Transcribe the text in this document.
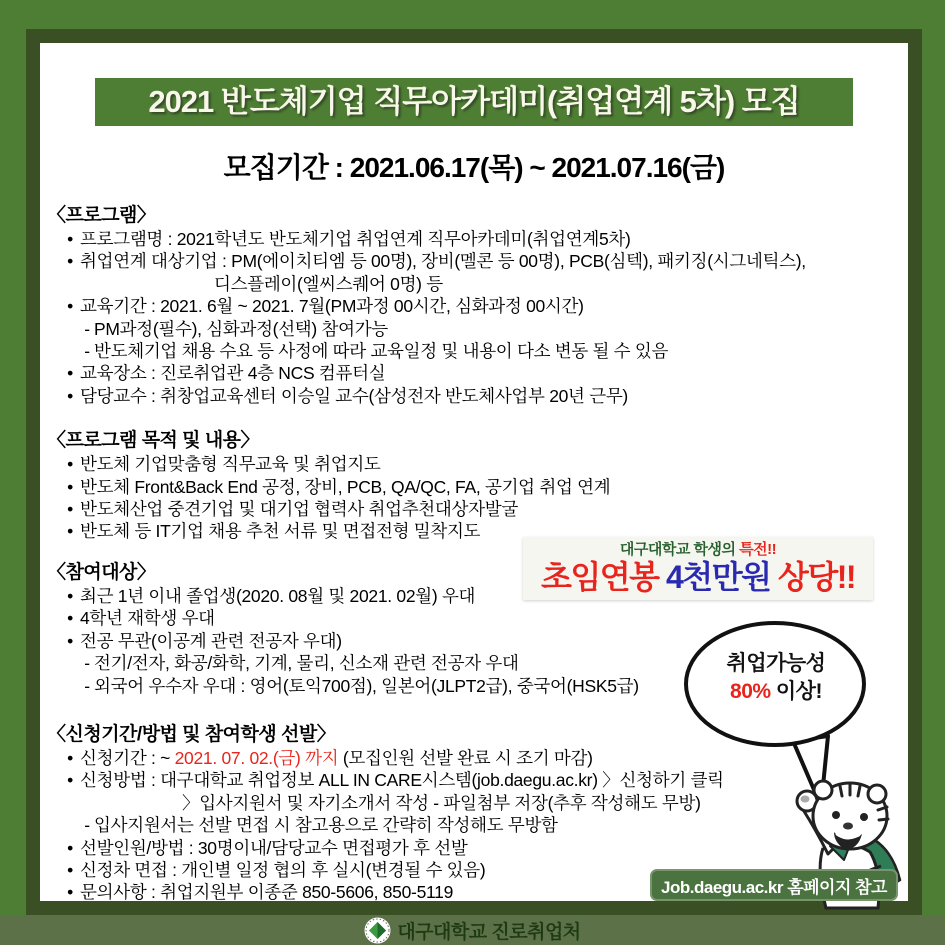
2021 반도체기업 직무아카데미(취업연계 5차) 모집
모집기간 : 2021.06.17(목) ~ 2021.07.16(금)
〈프로그램〉
• 프로그램명 : 2021학년도 반도체기업 취업연계 직무아카데미(취업연계5차)
• 취업연계 대상기업 : PM(에이치티엠 등 00명), 장비(멜콘 등 00명), PCB(심텍), 패키징(시그네틱스),
디스플레이(엘씨스퀘어 0명) 등
• 교육기간 : 2021. 6월 ~ 2021. 7월(PM과정 00시간, 심화과정 00시간)
- PM과정(필수), 심화과정(선택) 참여가능
- 반도체기업 채용 수요 등 사정에 따라 교육일정 및 내용이 다소 변동 될 수 있음
• 교육장소 : 진로취업관 4층 NCS 컴퓨터실
• 담당교수 : 취창업교육센터 이승일 교수(삼성전자 반도체사업부 20년 근무)
〈프로그램 목적 및 내용〉
• 반도체 기업맞춤형 직무교육 및 취업지도
• 반도체 Front&Back End 공정, 장비, PCB, QA/QC, FA, 공기업 취업 연계
• 반도체산업 중견기업 및 대기업 협력사 취업추천대상자발굴
• 반도체 등 IT기업 채용 추천 서류 및 면접전형 밀착지도
〈참여대상〉
• 최근 1년 이내 졸업생(2020. 08월 및 2021. 02월) 우대
• 4학년 재학생 우대
• 전공 무관(이공계 관련 전공자 우대)
- 전기/전자, 화공/화학, 기계, 물리, 신소재 관련 전공자 우대
- 외국어 우수자 우대 : 영어(토익700점), 일본어(JLPT2급), 중국어(HSK5급)
〈신청기간/방법 및 참여학생 선발〉
• 신청기간 : ~ 2021. 07. 02.(금) 까지 (모집인원 선발 완료 시 조기 마감)
• 신청방법 : 대구대학교 취업정보 ALL IN CARE시스템(job.daegu.ac.kr) 〉신청하기 클릭
〉입사지원서 및 자기소개서 작성 - 파일첨부 저장(추후 작성해도 무방)
- 입사지원서는 선발 면접 시 참고용으로 간략히 작성해도 무방함
• 선발인원/방법 : 30명이내/담당교수 면접평가 후 선발
• 신정차 면접 : 개인별 일정 협의 후 실시(변경될 수 있음)
• 문의사항 : 취업지원부 이종준 850-5606, 850-5119
대구대학교 학생의 특전!!
초임연봉 4천만원 상당!!
취업가능성
80% 이상!
Job.daegu.ac.kr 홈페이지 참고
대구대학교 진로취업처
